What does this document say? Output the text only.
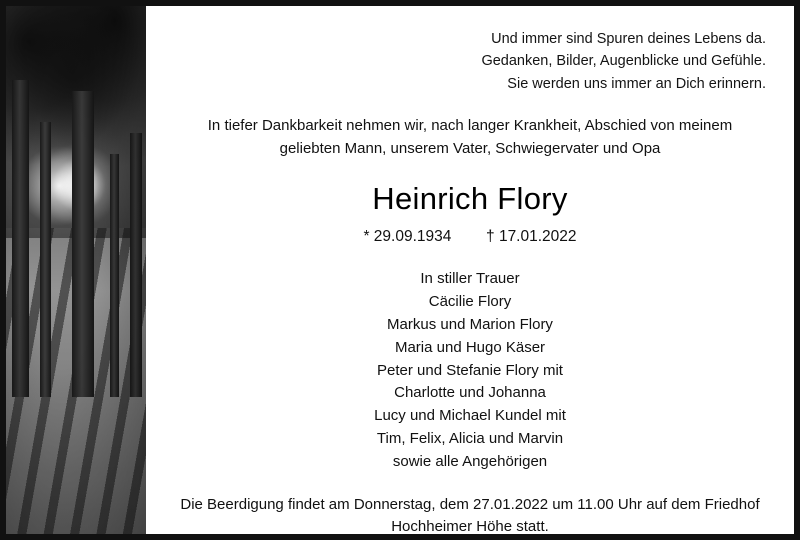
Und immer sind Spuren deines Lebens da.
Gedanken, Bilder, Augenblicke und Gefühle.
Sie werden uns immer an Dich erinnern.
In tiefer Dankbarkeit nehmen wir, nach langer Krankheit, Abschied von meinem
geliebten Mann, unserem Vater, Schwiegervater und Opa
Heinrich Flory
* 29.09.1934 † 17.01.2022
In stiller Trauer
Cäcilie Flory
Markus und Marion Flory
Maria und Hugo Käser
Peter und Stefanie Flory mit
Charlotte und Johanna
Lucy und Michael Kundel mit
Tim, Felix, Alicia und Marvin
sowie alle Angehörigen
Die Beerdigung findet am Donnerstag, dem 27.01.2022 um 11.00 Uhr auf dem Friedhof
Hochheimer Höhe statt.
